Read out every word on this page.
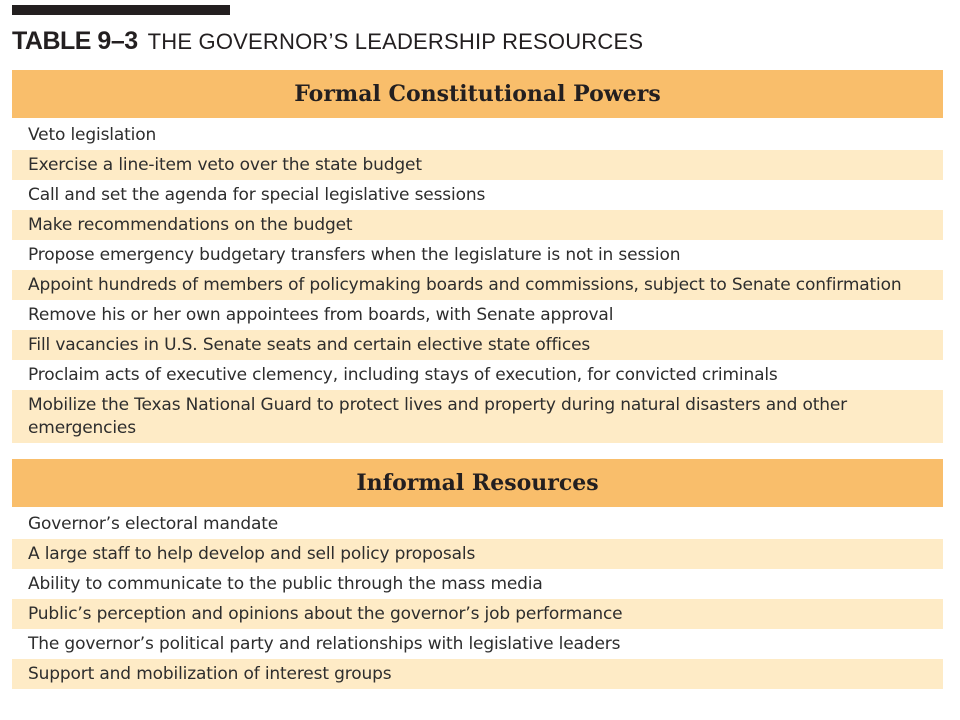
TABLE 9–3 THE GOVERNOR’S LEADERSHIP RESOURCES
Formal Constitutional Powers
Veto legislation
Exercise a line-item veto over the state budget
Call and set the agenda for special legislative sessions
Make recommendations on the budget
Propose emergency budgetary transfers when the legislature is not in session
Appoint hundreds of members of policymaking boards and commissions, subject to Senate confirmation
Remove his or her own appointees from boards, with Senate approval
Fill vacancies in U.S. Senate seats and certain elective state offices
Proclaim acts of executive clemency, including stays of execution, for convicted criminals
Mobilize the Texas National Guard to protect lives and property during natural disasters and other emergencies
Informal Resources
Governor’s electoral mandate
A large staff to help develop and sell policy proposals
Ability to communicate to the public through the mass media
Public’s perception and opinions about the governor’s job performance
The governor’s political party and relationships with legislative leaders
Support and mobilization of interest groups
